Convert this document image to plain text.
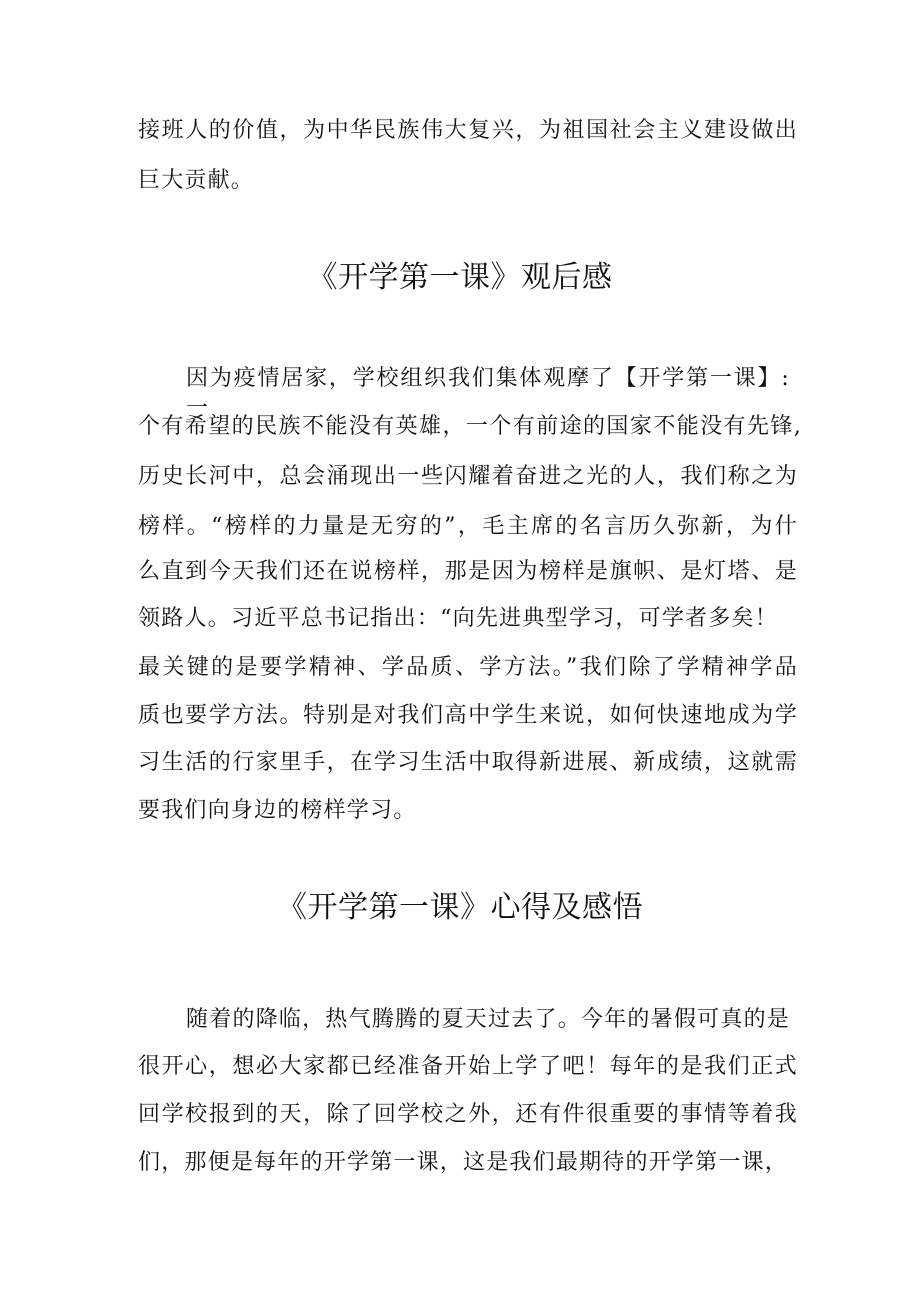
接班人的价值，为中华民族伟大复兴，为祖国社会主义建设做出
巨大贡献。
《开学第一课》观后感
因为疫情居家，学校组织我们集体观摩了【开学第一课】:一
个有希望的民族不能没有英雄，一个有前途的国家不能没有先锋,
历史长河中，总会涌现出一些闪耀着奋进之光的人，我们称之为
榜样。“榜样的力量是无穷的”，毛主席的名言历久弥新，为什
么直到今天我们还在说榜样，那是因为榜样是旗帜、是灯塔、是
领路人。习近平总书记指出：“向先进典型学习，可学者多矣！
最关键的是要学精神、学品质、学方法。”我们除了学精神学品
质也要学方法。特别是对我们高中学生来说，如何快速地成为学
习生活的行家里手，在学习生活中取得新进展、新成绩，这就需
要我们向身边的榜样学习。
《开学第一课》心得及感悟
随着的降临，热气腾腾的夏天过去了。今年的暑假可真的是
很开心，想必大家都已经准备开始上学了吧！每年的是我们正式
回学校报到的天，除了回学校之外，还有件很重要的事情等着我
们，那便是每年的开学第一课，这是我们最期待的开学第一课，
